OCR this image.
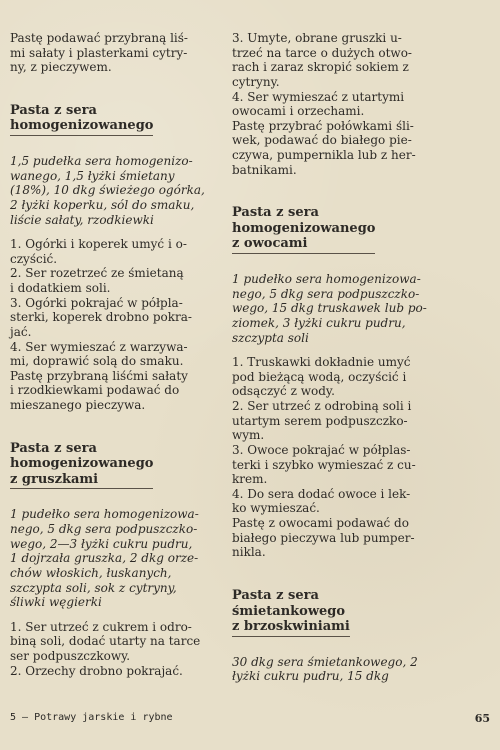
Pastę podawać przybraną liś-
mi sałaty i plasterkami cytry-
ny, z pieczywem.

Pasta z sera
homogenizowanego

1,5 pudełka sera homogenizo-
wanego, 1,5 łyżki śmietany
(18%), 10 dkg świeżego ogórka,
2 łyżki koperku, sól do smaku,
liście sałaty, rzodkiewki

1. Ogórki i koperek umyć i o-
czyścić.
2. Ser rozetrzeć ze śmietaną
i dodatkiem soli.
3. Ogórki pokrajać w półpla-
sterki, koperek drobno pokra-
jać.
4. Ser wymieszać z warzywa-
mi, doprawić solą do smaku.
Pastę przybraną liśćmi sałaty
i rzodkiewkami podawać do
mieszanego pieczywa.
Pasta z sera
homogenizowanego
z gruszkami

1 pudełko sera homogenizowa-
nego, 5 dkg sera podpuszczko-
wego, 2—3 łyżki cukru pudru,
1 dojrzała gruszka, 2 dkg orze-
chów włoskich, łuskanych,
szczypta soli, sok z cytryny,
śliwki węgierki

1. Ser utrzeć z cukrem i odro-
biną soli, dodać utarty na tarce
ser podpuszczkowy.
2. Orzechy drobno pokrajać.
3. Umyte, obrane gruszki u-
trzeć na tarce o dużych otwo-
rach i zaraz skropić sokiem z
cytryny.
4. Ser wymieszać z utartymi
owocami i orzechami.
Pastę przybrać połówkami śli-
wek, podawać do białego pie-
czywa, pumpernikla lub z her-
batnikami.
Pasta z sera
homogenizowanego
z owocami

1 pudełko sera homogenizowa-
nego, 5 dkg sera podpuszczko-
wego, 15 dkg truskawek lub po-
ziomek, 3 łyżki cukru pudru,
szczypta soli

1. Truskawki dokładnie umyć
pod bieżącą wodą, oczyścić i
odsączyć z wody.
2. Ser utrzeć z odrobiną soli i
utartym serem podpuszczko-
wym.
3. Owoce pokrajać w półplas-
terki i szybko wymieszać z cu-
krem.
4. Do sera dodać owoce i lek-
ko wymieszać.
Pastę z owocami podawać do
białego pieczywa lub pumper-
nikla.
Pasta z sera
śmietankowego
z brzoskwiniami

30 dkg sera śmietankowego, 2
łyżki cukru pudru, 15 dkg

5 — Potrawy jarskie i rybne	65
